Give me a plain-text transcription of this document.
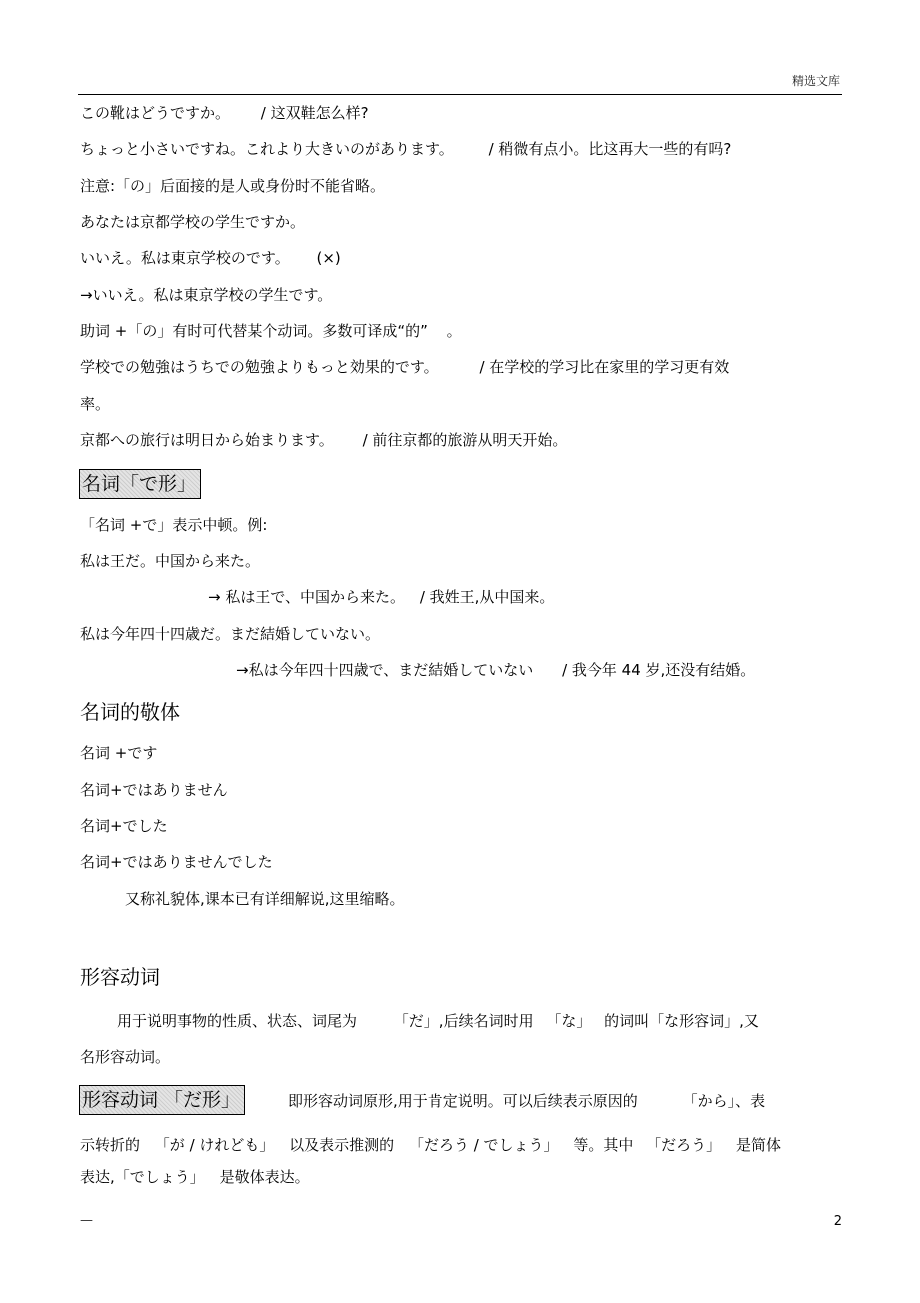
精选文库
この靴はどうですか。 / 这双鞋怎么样?
ちょっと小さいですね。これより大きいのがあります。 / 稍微有点小。比这再大一些的有吗?
注意:「の」后面接的是人或身份时不能省略。
あなたは京都学校の学生ですか。
いいえ。私は東京学校のです。 (×)
→いいえ。私は東京学校の学生です。
助词 +「の」有时可代替某个动词。多数可译成“的” 。
学校での勉強はうちでの勉強よりもっと効果的です。	/ 在学校的学习比在家里的学习更有效
率。
京都への旅行は明日から始まります。 / 前往京都的旅游从明天开始。
名词「で形」
「名词 +で」表示中顿。例:
私は王だ。中国から来た。
→ 私は王で、中国から来た。 / 我姓王,从中国来。
私は今年四十四歳だ。まだ結婚していない。
→私は今年四十四歳で、まだ結婚していない / 我今年 44 岁,还没有结婚。
名词的敬体
名词 +です
名词+ではありません
名词+でした
名词+ではありませんでした
又称礼貌体,课本已有详细解说,这里缩略。
形容动词
用于说明事物的性质、状态、词尾为 「だ」,后续名词时用 「な」 的词叫「な形容词」,又
名形容动词。
形容动词 「だ形」	即形容动词原形,用于肯定说明。可以后续表示原因的	「から」、表
示转折的 「が / けれども」 以及表示推测的 「だろう / でしょう」 等。其中 「だろう」 是简体
表达,「でしょう」 是敬体表达。
—	2
